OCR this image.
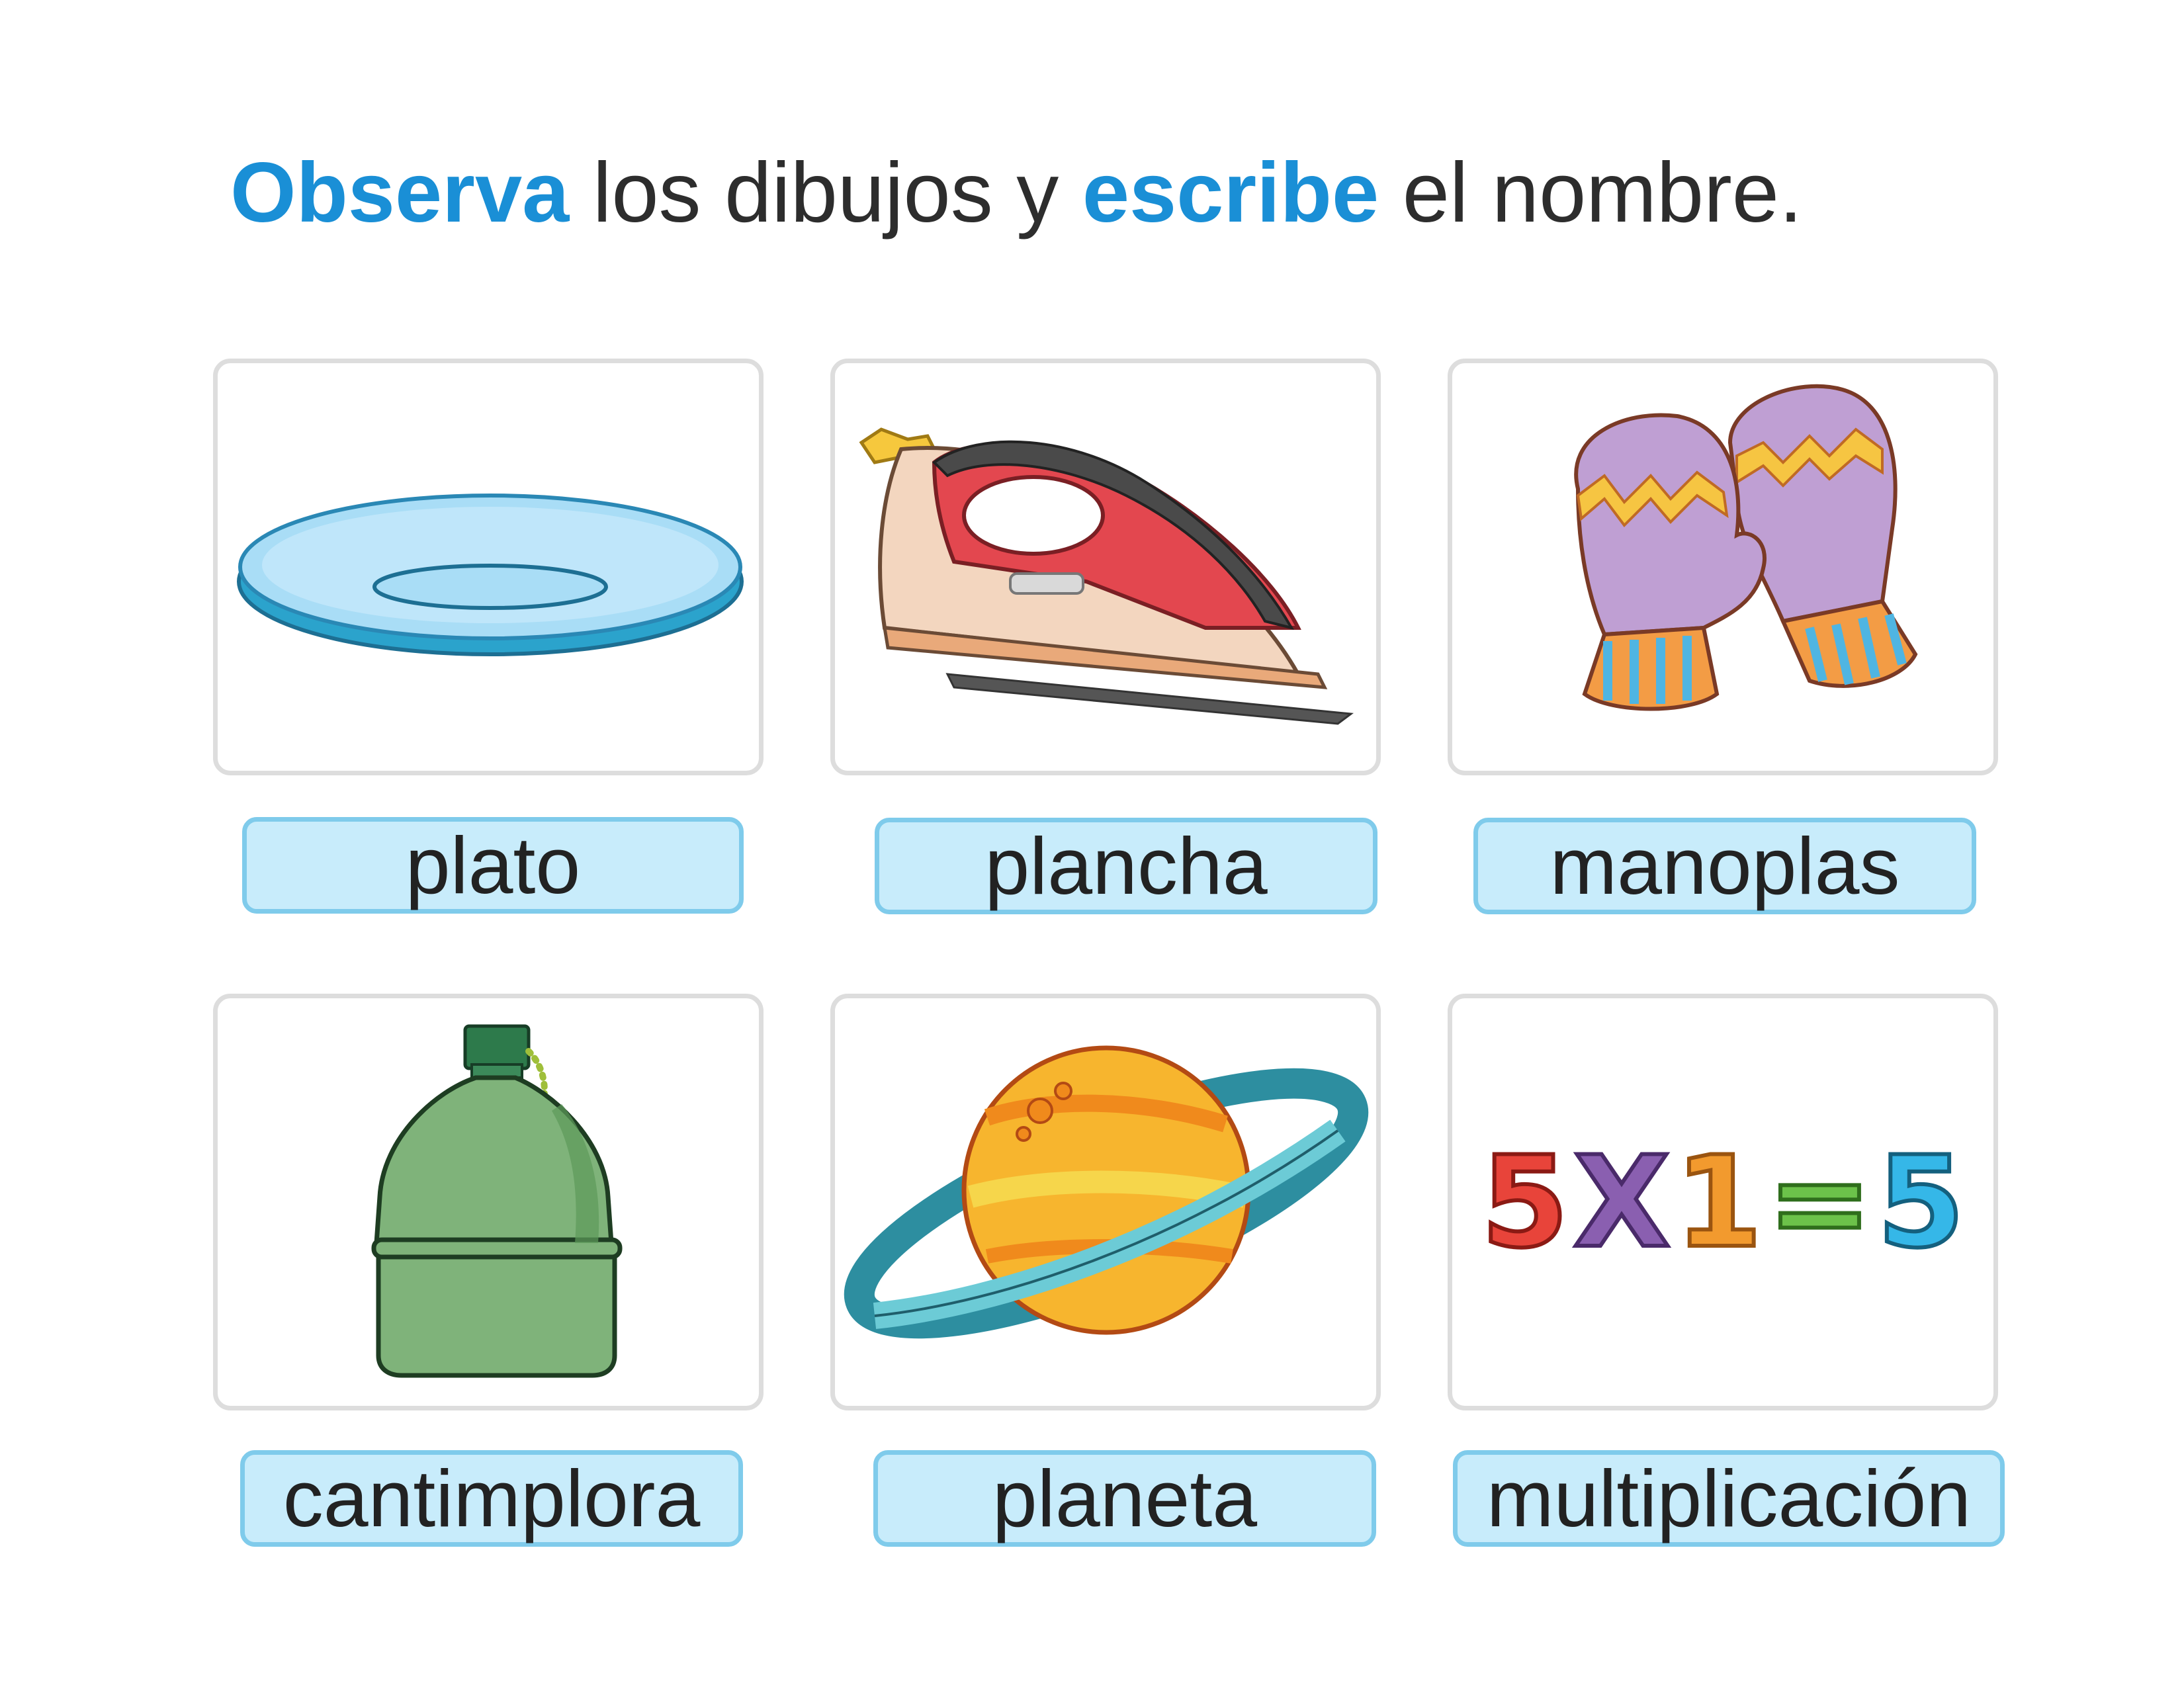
Observa los dibujos y escribe el nombre.
plato	plancha	manoplas
cantimplora	planeta
5 X 1 = 5
multiplicación
